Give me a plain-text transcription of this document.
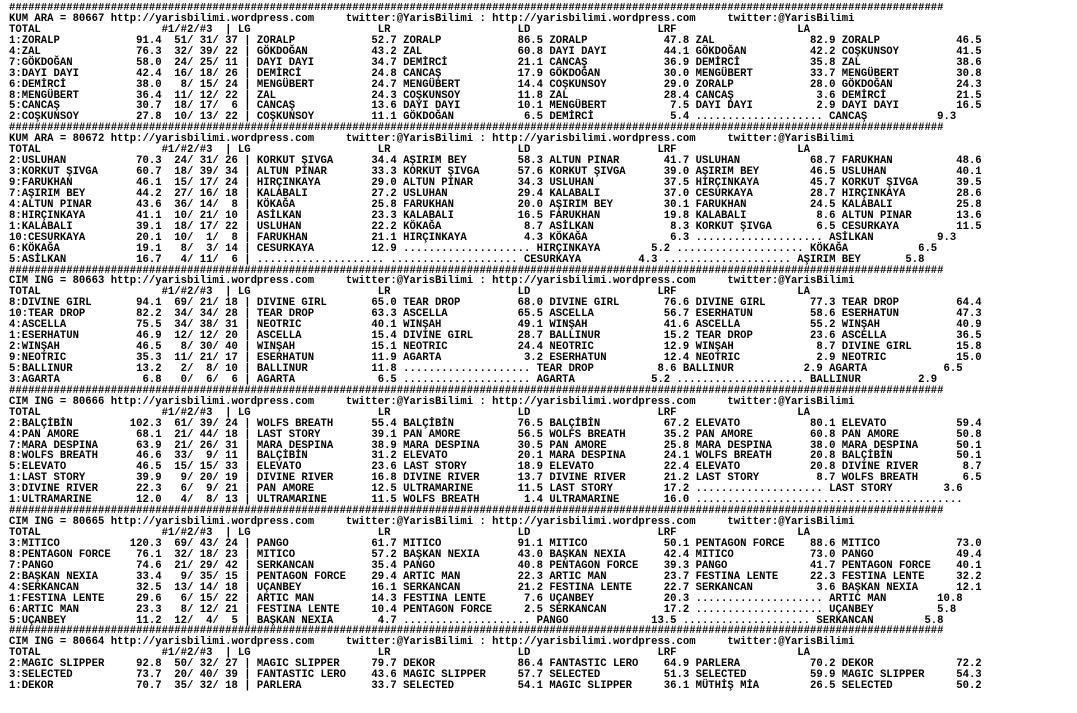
###################################################################################################################################################
KUM ARA = 80667 http://yarisbilimi.wordpress.com     twitter:@YarisBilimi : http://yarisbilimi.wordpress.com     twitter:@YarisBilimi
TOTAL                   #1/#2/#3  | LG                    LR                    LD                    LRF                   LA
1:ZORALP            91.4  51/ 31/ 37 | ZORALP            52.7 ZORALP            86.5 ZORALP            47.8 ZAL               82.9 ZORALP            46.5
4:ZAL               76.3  32/ 39/ 22 | GÖKDOĞAN          43.2 ZAL               60.8 DAYI DAYI         44.1 GÖKDOĞAN          42.2 COŞKUNSOY         41.5
7:GÖKDOĞAN          58.0  24/ 25/ 11 | DAYI DAYI         34.7 DEMİRCİ           21.1 CANCAŞ            36.9 DEMİRCİ           35.8 ZAL               38.6
3:DAYI DAYI         42.4  16/ 18/ 26 | DEMİRCİ           24.8 CANCAŞ            17.9 GÖKDOĞAN          30.0 MENGÜBERT         33.7 MENGÜBERT         30.8
6:DEMİRCİ           38.0   8/ 15/ 24 | MENGÜBERT         24.7 MENGÜBERT         14.4 COŞKUNSOY         29.0 ZORALP            28.0 GÖKDOĞAN          24.3
8:MENGÜBERT         36.4  11/ 12/ 22 | ZAL               24.3 COŞKUNSOY         11.8 ZAL               28.4 CANCAŞ             3.6 DEMİRCİ           21.5
5:CANCAŞ            30.7  18/ 17/  6 | CANCAŞ            13.6 DAYI DAYI         10.1 MENGÜBERT          7.5 DAYI DAYI          2.9 DAYI DAYI         16.5
2:COŞKUNSOY         27.8  10/ 13/ 22 | COŞKUNSOY         11.1 GÖKDOĞAN           6.5 DEMİRCİ            5.4 .................... CANCAŞ           9.3
###################################################################################################################################################
KUM ARA = 80672 http://yarisbilimi.wordpress.com     twitter:@YarisBilimi : http://yarisbilimi.wordpress.com     twitter:@YarisBilimi
TOTAL                   #1/#2/#3  | LG                    LR                    LD                    LRF                   LA
2:USLUHAN           70.3  24/ 31/ 26 | KORKUT ŞIVGA      34.4 AŞIRIM BEY        58.3 ALTUN PINAR       41.7 USLUHAN           68.7 FARUKHAN          48.6
3:KORKUT ŞIVGA      60.7  18/ 39/ 34 | ALTUN PINAR       33.3 KORKUT ŞIVGA      57.6 KORKUT ŞIVGA      39.0 AŞIRIM BEY        46.5 USLUHAN           40.1
9:FARUKHAN          46.1  15/ 17/ 24 | HIRÇINKAYA        29.0 ALTUN PINAR       34.3 USLUHAN           37.5 HIRÇINKAYA        45.7 KORKUT ŞIVGA      39.5
7:AŞIRIM BEY        44.2  27/ 16/ 18 | KALABALI          27.2 USLUHAN           29.4 KALABALI          37.0 CESURKAYA         28.7 HIRÇINKAYA        28.6
4:ALTUN PINAR       43.6  36/ 14/  8 | KÖKAĞA            25.8 FARUKHAN          20.0 AŞIRIM BEY        30.1 FARUKHAN          24.5 KALABALI          25.8
8:HIRÇINKAYA        41.1  10/ 21/ 10 | ASİLKAN           23.3 KALABALI          16.5 FARUKHAN          19.8 KALABALI           8.6 ALTUN PINAR       13.6
1:KALABALI          39.1  18/ 17/ 22 | USLUHAN           22.2 KÖKAĞA             8.7 ASİLKAN            8.3 KORKUT ŞIVGA       6.5 CESURKAYA         11.5
10:CESURKAYA        20.1  10/  1/  8 | FARUKHAN          21.1 HIRÇINKAYA         4.3 KÖKAĞA             6.3 .................... ASİLKAN          9.3
6:KÖKAĞA            19.1   8/  3/ 14 | CESURKAYA         12.9 .................... HIRÇINKAYA        5.2 .................... KÖKAĞA           6.5
5:ASİLKAN           16.7   4/ 11/  6 | .................... .................... CESURKAYA         4.3 .................... AŞIRIM BEY       5.8
###################################################################################################################################################
CIM ING = 80663 http://yarisbilimi.wordpress.com     twitter:@YarisBilimi : http://yarisbilimi.wordpress.com     twitter:@YarisBilimi
TOTAL                   #1/#2/#3  | LG                    LR                    LD                    LRF                   LA
8:DIVINE GIRL       94.1  69/ 21/ 18 | DIVINE GIRL       65.0 TEAR DROP         68.0 DIVINE GIRL       76.6 DIVINE GIRL       77.3 TEAR DROP         64.4
10:TEAR DROP        82.2  34/ 34/ 28 | TEAR DROP         63.3 ASCELLA           65.5 ASCELLA           56.7 ESERHATUN         58.6 ESERHATUN         47.3
4:ASCELLA           75.5  34/ 38/ 31 | NEOTRIC           40.1 WINŞAH            49.1 WINŞAH            41.6 ASCELLA           55.2 WINŞAH            40.9
1:ESERHATUN         46.9  12/ 12/ 20 | ASCELLA           15.4 DIVINE GIRL       28.7 BALLINUR          15.2 TEAR DROP         23.6 ASCELLA           36.5
2:WINŞAH            46.5   8/ 30/ 40 | WINŞAH            15.1 NEOTRIC           24.4 NEOTRIC           12.9 WINŞAH             8.7 DIVINE GIRL       15.8
9:NEOTRIC           35.3  11/ 21/ 17 | ESERHATUN         11.9 AGARTA             3.2 ESERHATUN         12.4 NEOTRIC            2.9 NEOTRIC           15.0
5:BALLINUR          13.2   2/  8/ 10 | BALLINUR          11.8 .................... TEAR DROP          8.6 BALLINUR           2.9 AGARTA            6.5
3:AGARTA             6.8   0/  6/  6 | AGARTA             6.5 .................... AGARTA            5.2 .................... BALLINUR         2.9
###################################################################################################################################################
CIM ING = 80666 http://yarisbilimi.wordpress.com     twitter:@YarisBilimi : http://yarisbilimi.wordpress.com     twitter:@YarisBilimi
TOTAL                   #1/#2/#3  | LG                    LR                    LD                    LRF                   LA
2:BALÇİBİN         102.3  61/ 39/ 24 | WOLFS BREATH      55.4 BALÇİBİN          76.5 BALÇİBİN          67.2 ELEVATO           80.1 ELEVATO           59.4
4:PAN AMORE         68.1  21/ 44/ 18 | LAST STORY        39.1 PAN AMORE         56.5 WOLFS BREATH      35.2 PAN AMORE         60.8 PAN AMORE         50.8
7:MARA DESPINA      63.9  21/ 26/ 31 | MARA DESPINA      38.9 MARA DESPINA      30.5 PAN AMORE         25.8 MARA DESPINA      38.0 MARA DESPINA      50.1
8:WOLFS BREATH      46.6  33/  9/ 11 | BALÇİBİN          31.2 ELEVATO           20.1 MARA DESPINA      24.1 WOLFS BREATH      20.8 BALÇİBİN          50.1
5:ELEVATO           46.5  15/ 15/ 33 | ELEVATO           23.6 LAST STORY        18.9 ELEVATO           22.4 ELEVATO           20.8 DIVINE RIVER       8.7
1:LAST STORY        39.9   9/ 20/ 19 | DIVINE RIVER      16.8 DIVINE RIVER      13.7 DIVINE RIVER      21.2 LAST STORY         8.7 WOLFS BREATH       6.5
3:DIVINE RIVER      22.3   6/  9/ 21 | PAN AMORE         12.5 ULTRAMARINE       11.5 LAST STORY        17.2 .................... LAST STORY        3.6
1:ULTRAMARINE       12.0   4/  8/ 13 | ULTRAMARINE       11.5 WOLFS BREATH       1.4 ULTRAMARINE       16.0 ..........................................
###################################################################################################################################################
CIM ING = 80665 http://yarisbilimi.wordpress.com     twitter:@YarisBilimi : http://yarisbilimi.wordpress.com     twitter:@YarisBilimi
TOTAL                   #1/#2/#3  | LG                    LR                    LD                    LRF                   LA
3:MITICO           120.3  69/ 43/ 24 | PANGO             61.7 MITICO            91.1 MITICO            50.1 PENTAGON FORCE    88.6 MITICO            73.0
8:PENTAGON FORCE    76.1  32/ 18/ 23 | MITICO            57.2 BAŞKAN NEXIA      43.0 BAŞKAN NEXIA      42.4 MITICO            73.0 PANGO             49.4
7:PANGO             74.6  21/ 29/ 42 | SERKANCAN         35.4 PANGO             40.8 PENTAGON FORCE    39.3 PANGO             41.7 PENTAGON FORCE    40.1
2:BAŞKAN NEXIA      33.4   9/ 35/ 15 | PENTAGON FORCE    29.4 ARTIC MAN         22.3 ARTIC MAN         23.7 FESTINA LENTE     22.3 FESTINA LENTE     32.2
4:SERKANCAN         32.5  13/ 14/ 18 | UÇANBEY           16.1 SERKANCAN         21.2 FESTINA LENTE     22.7 SERKANCAN          3.6 BAŞKAN NEXIA      12.1
1:FESTINA LENTE     29.6   6/ 15/ 22 | ARTIC MAN         14.3 FESTINA LENTE      7.6 UÇANBEY           20.3 .................... ARTIC MAN        10.8
6:ARTIC MAN         23.3   8/ 12/ 21 | FESTINA LENTE     10.4 PENTAGON FORCE     2.5 SERKANCAN         17.2 .................... UÇANBEY          5.8
5:UÇANBEY           11.2  12/  4/  5 | BAŞKAN NEXIA       4.7 .................... PANGO             13.5 .................... SERKANCAN        5.8
###################################################################################################################################################
CIM ING = 80664 http://yarisbilimi.wordpress.com     twitter:@YarisBilimi : http://yarisbilimi.wordpress.com     twitter:@YarisBilimi
TOTAL                   #1/#2/#3  | LG                    LR                    LD                    LRF                   LA
2:MAGIC SLIPPER     92.8  50/ 32/ 27 | MAGIC SLIPPER     79.7 DEKOR             86.4 FANTASTIC LERO    64.9 PARLERA           70.2 DEKOR             72.2
3:SELECTED          73.7  20/ 40/ 39 | FANTASTIC LERO    43.6 MAGIC SLIPPER     57.7 SELECTED          51.3 SELECTED          59.9 MAGIC SLIPPER     54.3
1:DEKOR             70.7  35/ 32/ 18 | PARLERA           33.7 SELECTED          54.1 MAGIC SLIPPER     36.1 MÜTHİŞ MİA        26.5 SELECTED          50.2
